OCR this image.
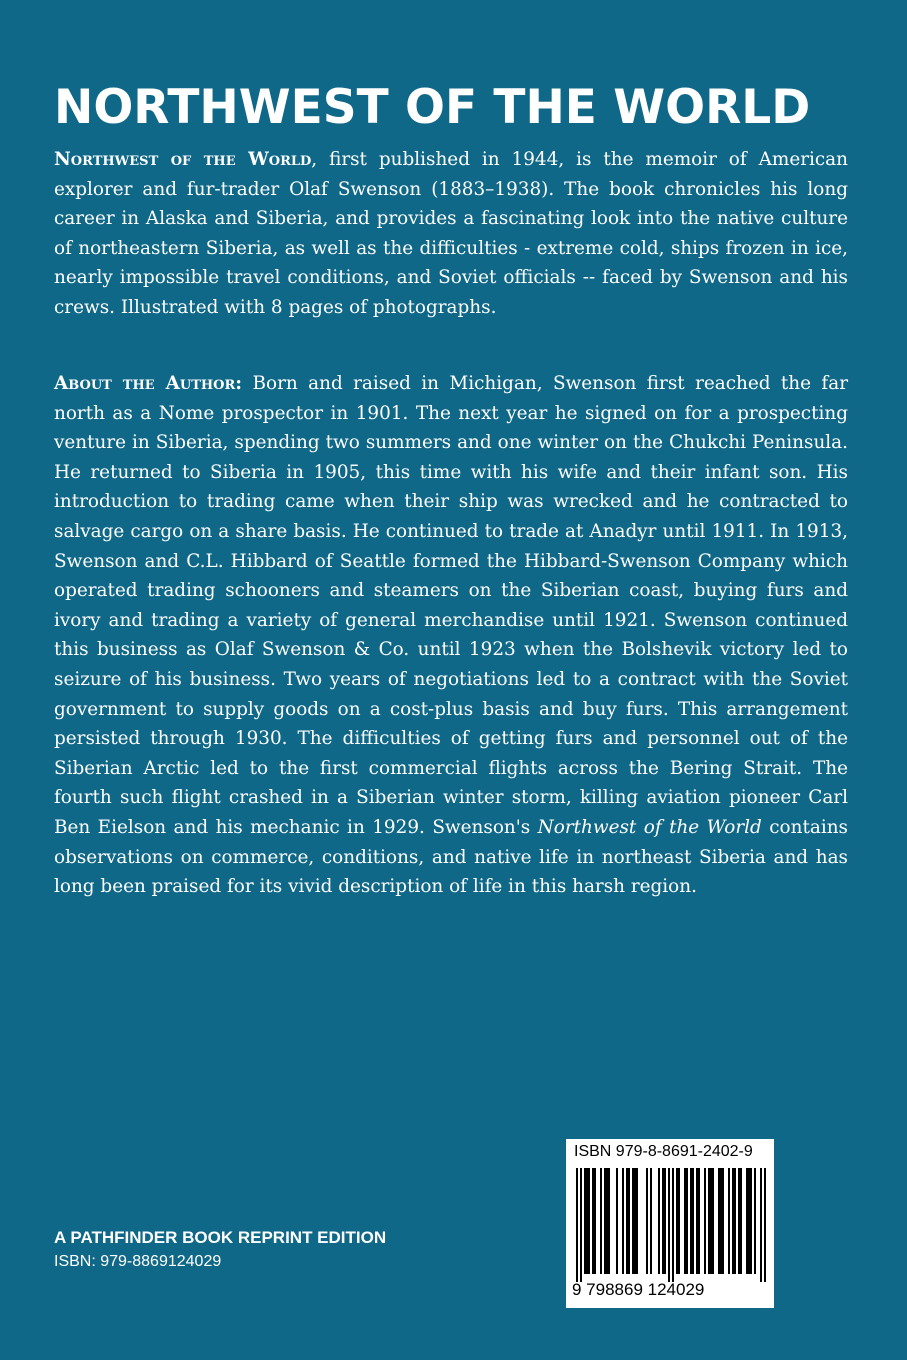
NORTHWEST OF THE WORLD

Northwest of the World, first published in 1944, is the memoir of American explorer and fur-trader Olaf Swenson (1883–1938). The book chronicles his long career in Alaska and Siberia, and provides a fascinating look into the native culture of northeastern Siberia, as well as the difficulties - extreme cold, ships frozen in ice, nearly impossible travel conditions, and Soviet officials -- faced by Swenson and his crews. Illustrated with 8 pages of photographs.

About the Author: Born and raised in Michigan, Swenson first reached the far north as a Nome prospector in 1901. The next year he signed on for a prospecting venture in Siberia, spending two summers and one winter on the Chukchi Peninsula. He returned to Siberia in 1905, this time with his wife and their infant son. His introduction to trading came when their ship was wrecked and he contracted to salvage cargo on a share basis. He continued to trade at Anadyr until 1911. In 1913, Swenson and C.L. Hibbard of Seattle formed the Hibbard-Swenson Company which operated trading schooners and steamers on the Siberian coast, buying furs and ivory and trading a variety of general merchandise until 1921. Swenson continued this business as Olaf Swenson & Co. until 1923 when the Bolshevik victory led to seizure of his business. Two years of negotiations led to a contract with the Soviet government to supply goods on a cost-plus basis and buy furs. This arrangement persisted through 1930. The difficulties of getting furs and personnel out of the Siberian Arctic led to the first commercial flights across the Bering Strait. The fourth such flight crashed in a Siberian winter storm, killing aviation pioneer Carl Ben Eielson and his mechanic in 1929. Swenson's Northwest of the World contains observations on commerce, conditions, and native life in northeast Siberia and has long been praised for its vivid description of life in this harsh region.

A PATHFINDER BOOK REPRINT EDITION
ISBN: 979-8869124029
ISBN 979-8-8691-2402-9
9 798869 124029
